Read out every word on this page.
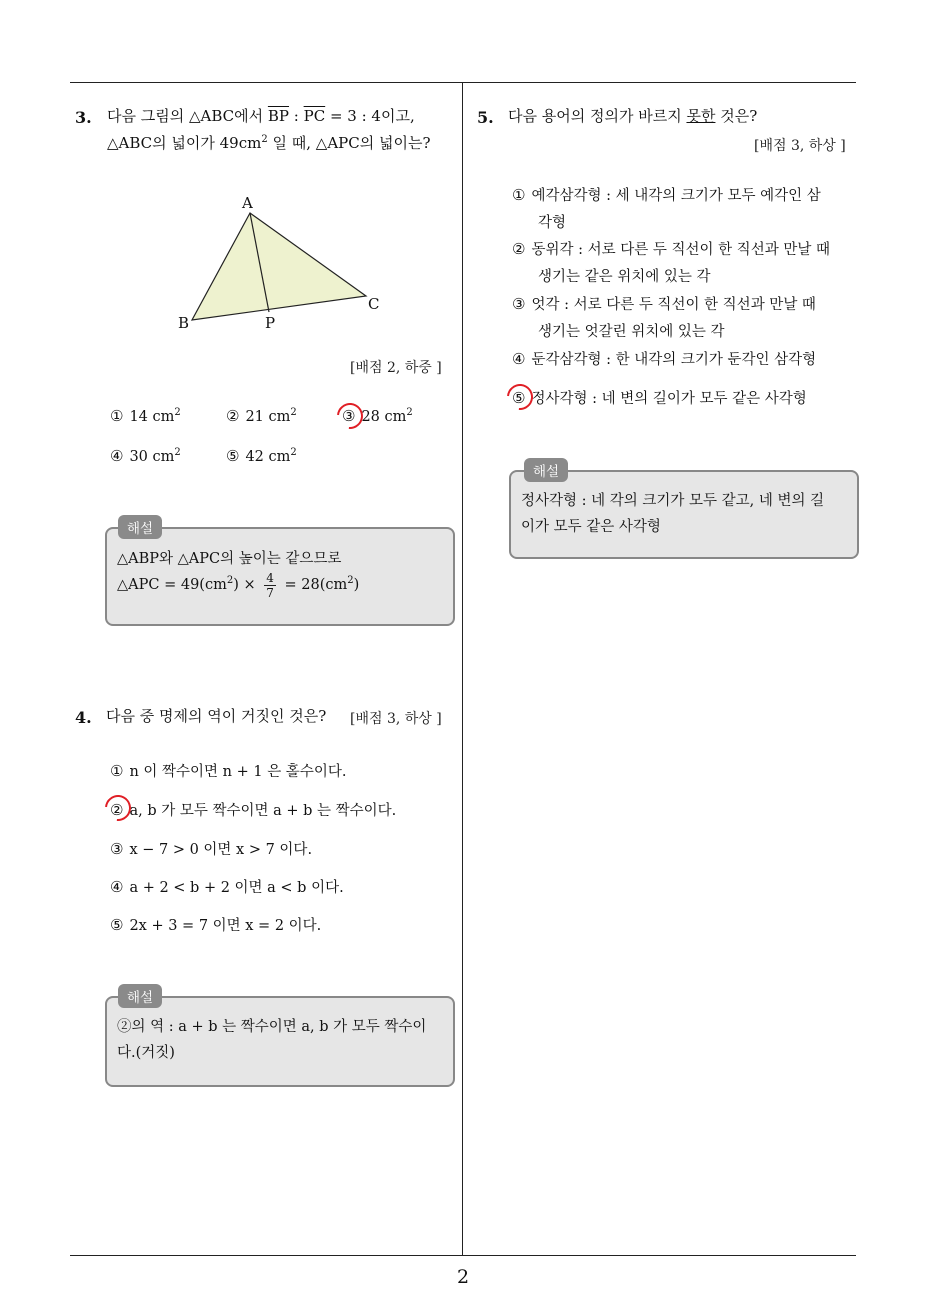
3. 다음 그림의 △ABC에서 $\overline{BP}$ : $\overline{PC} = 3$ : 4이고,
△ABC의 넓이가 $49cm^2$ 일 때, △APC의 넓이는?
A
B
C
P
[배점 2, 하중 ]
① 14 $cm^2$	② 21 $cm^2$	③ 28 $cm^2$
④ 30 $cm^2$	⑤ 42 $cm^2$
해설
△ABP와 △APC의 높이는 같으므로
△APC = $49(cm^2) \times \frac{4}{7} = 28(cm^2)$
4. 다음 중 명제의 역이 거짓인 것은? [배점 3, 하상 ]
① n 이 짝수이면 n + 1 은 홀수이다.
② a, b 가 모두 짝수이면 a + b 는 짝수이다.
③ x − 7 > 0 이면 x > 7 이다.
④ a + 2 < b + 2 이면 a < b 이다.
⑤ 2x + 3 = 7 이면 x = 2 이다.
해설
②의 역 : a + b 는 짝수이면 a, b 가 모두 짝수이
다.(거짓)
5. 다음 용어의 정의가 바르지 못한 것은?
[배점 3, 하상 ]
① 예각삼각형 : 세 내각의 크기가 모두 예각인 삼
각형
② 동위각 : 서로 다른 두 직선이 한 직선과 만날 때
생기는 같은 위치에 있는 각
③ 엇각 : 서로 다른 두 직선이 한 직선과 만날 때
생기는 엇갈린 위치에 있는 각
④ 둔각삼각형 : 한 내각의 크기가 둔각인 삼각형
⑤ 정사각형 : 네 변의 길이가 모두 같은 사각형
해설
정사각형 : 네 각의 크기가 모두 같고, 네 변의 길
이가 모두 같은 사각형
2
